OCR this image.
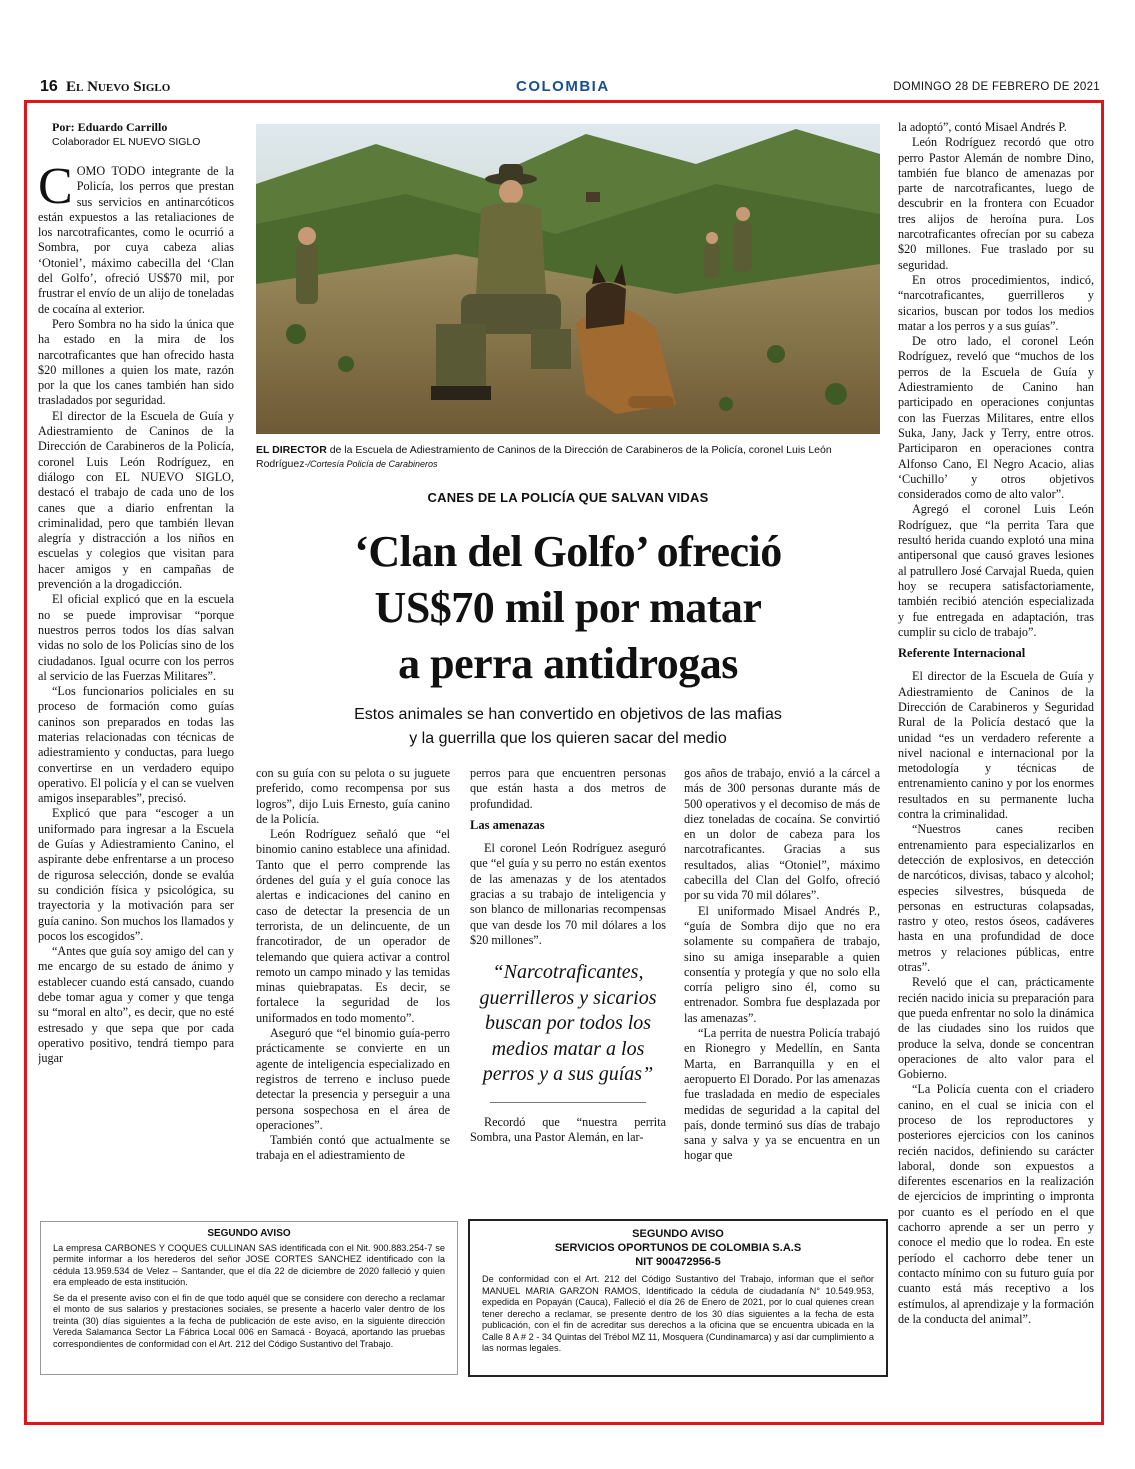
16 El Nuevo Siglo	COLOMBIA	DOMINGO 28 DE FEBRERO DE 2021
Por: Eduardo Carrillo
Colaborador EL NUEVO SIGLO

COMO TODO integrante de la Policía, los perros que prestan sus servicios en antinarcóticos están expuestos a las retaliaciones de los narcotraficantes, como le ocurrió a Sombra, por cuya cabeza alias ‘Otoniel’, máximo cabecilla del ‘Clan del Golfo’, ofreció US$70 mil, por frustrar el envío de un alijo de toneladas de cocaína al exterior.

Pero Sombra no ha sido la única que ha estado en la mira de los narcotraficantes que han ofrecido hasta $20 millones a quien los mate, razón por la que los canes también han sido trasladados por seguridad.

El director de la Escuela de Guía y Adiestramiento de Caninos de la Dirección de Carabineros de la Policía, coronel Luis León Rodríguez, en diálogo con EL NUEVO SIGLO, destacó el trabajo de cada uno de los canes que a diario enfrentan la criminalidad, pero que también llevan alegría y distracción a los niños en escuelas y colegios que visitan para hacer amigos y en campañas de prevención a la drogadicción.

El oficial explicó que en la escuela no se puede improvisar “porque nuestros perros todos los días salvan vidas no solo de los Policías sino de los ciudadanos. Igual ocurre con los perros al servicio de las Fuerzas Militares”.

“Los funcionarios policiales en su proceso de formación como guías caninos son preparados en todas las materias relacionadas con técnicas de adiestramiento y conductas, para luego convertirse en un verdadero equipo operativo. El policía y el can se vuelven amigos inseparables”, precisó.

Explicó que para “escoger a un uniformado para ingresar a la Escuela de Guías y Adiestramiento Canino, el aspirante debe enfrentarse a un proceso de rigurosa selección, donde se evalúa su condición física y psicológica, su trayectoria y la motivación para ser guía canino. Son muchos los llamados y pocos los escogidos”.

“Antes que guía soy amigo del can y me encargo de su estado de ánimo y establecer cuando está cansado, cuando debe tomar agua y comer y que tenga su “moral en alto”, es decir, que no esté estresado y que sepa que por cada operativo positivo, tendrá tiempo para jugar

EL DIRECTOR de la Escuela de Adiestramiento de Caninos de la Dirección de Carabineros de la Policía, coronel Luis León Rodríguez-/Cortesía Policía de Carabineros
CANES DE LA POLICÍA QUE SALVAN VIDAS
‘Clan del Golfo’ ofreció
US$70 mil por matar
a perra antidrogas
Estos animales se han convertido en objetivos de las mafias
y la guerrilla que los quieren sacar del medio

con su guía con su pelota o su juguete preferido, como recompensa por sus logros”, dijo Luis Ernesto, guía canino de la Policía.

León Rodríguez señaló que “el binomio canino establece una afinidad. Tanto que el perro comprende las órdenes del guía y el guía conoce las alertas e indicaciones del canino en caso de detectar la presencia de un terrorista, de un delincuente, de un francotirador, de un operador de telemando que quiera activar a control remoto un campo minado y las temidas minas quiebrapatas. Es decir, se fortalece la seguridad de los uniformados en todo momento”.

Aseguró que “el binomio guía-perro prácticamente se convierte en un agente de inteligencia especializado en registros de terreno e incluso puede detectar la presencia y perseguir a una persona sospechosa en el área de operaciones”.

También contó que actualmente se trabaja en el adiestramiento de

perros para que encuentren personas que están hasta a dos metros de profundidad.

Las amenazas

El coronel León Rodríguez aseguró que “el guía y su perro no están exentos de las amenazas y de los atentados gracias a su trabajo de inteligencia y son blanco de millonarias recompensas que van desde los 70 mil dólares a los $20 millones”.

“Narcotraficantes, guerrilleros y sicarios buscan por todos los medios matar a los perros y a sus guías”

Recordó que “nuestra perrita Sombra, una Pastor Alemán, en lar-

gos años de trabajo, envió a la cárcel a más de 300 personas durante más de 500 operativos y el decomiso de más de diez toneladas de cocaína. Se convirtió en un dolor de cabeza para los narcotraficantes. Gracias a sus resultados, alias “Otoniel”, máximo cabecilla del Clan del Golfo, ofreció por su vida 70 mil dólares”.

El uniformado Misael Andrés P., “guía de Sombra dijo que no era solamente su compañera de trabajo, sino su amiga inseparable a quien consentía y protegía y que no solo ella corría peligro sino él, como su entrenador. Sombra fue desplazada por las amenazas”.

“La perrita de nuestra Policía trabajó en Rionegro y Medellín, en Santa Marta, en Barranquilla y en el aeropuerto El Dorado. Por las amenazas fue trasladada en medio de especiales medidas de seguridad a la capital del país, donde terminó sus días de trabajo sana y salva y ya se encuentra en un hogar que

la adoptó”, contó Misael Andrés P.

León Rodríguez recordó que otro perro Pastor Alemán de nombre Dino, también fue blanco de amenazas por parte de narcotraficantes, luego de descubrir en la frontera con Ecuador tres alijos de heroína pura. Los narcotraficantes ofrecían por su cabeza $20 millones. Fue traslado por su seguridad.

En otros procedimientos, indicó, “narcotraficantes, guerrilleros y sicarios, buscan por todos los medios matar a los perros y a sus guías”.

De otro lado, el coronel León Rodríguez, reveló que “muchos de los perros de la Escuela de Guía y Adiestramiento de Canino han participado en operaciones conjuntas con las Fuerzas Militares, entre ellos Suka, Jany, Jack y Terry, entre otros. Participaron en operaciones contra Alfonso Cano, El Negro Acacio, alias ‘Cuchillo’ y otros objetivos considerados como de alto valor”.

Agregó el coronel Luis León Rodríguez, que “la perrita Tara que resultó herida cuando explotó una mina antipersonal que causó graves lesiones al patrullero José Carvajal Rueda, quien hoy se recupera satisfactoriamente, también recibió atención especializada y fue entregada en adaptación, tras cumplir su ciclo de trabajo”.

Referente Internacional

El director de la Escuela de Guía y Adiestramiento de Caninos de la Dirección de Carabineros y Seguridad Rural de la Policía destacó que la unidad “es un verdadero referente a nivel nacional e internacional por la metodología y técnicas de entrenamiento canino y por los enormes resultados en su permanente lucha contra la criminalidad.

“Nuestros canes reciben entrenamiento para especializarlos en detección de explosivos, en detección de narcóticos, divisas, tabaco y alcohol; especies silvestres, búsqueda de personas en estructuras colapsadas, rastro y oteo, restos óseos, cadáveres hasta en una profundidad de doce metros y relaciones públicas, entre otras”.

Reveló que el can, prácticamente recién nacido inicia su preparación para que pueda enfrentar no solo la dinámica de las ciudades sino los ruidos que produce la selva, donde se concentran operaciones de alto valor para el Gobierno.

“La Policía cuenta con el criadero canino, en el cual se inicia con el proceso de los reproductores y posteriores ejercicios con los caninos recién nacidos, definiendo su carácter laboral, donde son expuestos a diferentes escenarios en la realización de ejercicios de imprinting o impronta por cuanto es el período en el que cachorro aprende a ser un perro y conoce el medio que lo rodea. En este período el cachorro debe tener un contacto mínimo con su futuro guía por cuanto está más receptivo a los estímulos, al aprendizaje y la formación de la conducta del animal”.

SEGUNDO AVISO

La empresa CARBONES Y COQUES CULLINAN SAS identificada con el Nit. 900.883.254-7 se permite informar a los herederos del señor JOSE CORTES SANCHEZ identificado con la cédula 13.959.534 de Velez – Santander, que el día 22 de diciembre de 2020 falleció y quien era empleado de esta institución.

Se da el presente aviso con el fin de que todo aquél que se considere con derecho a reclamar el monto de sus salarios y prestaciones sociales, se presente a hacerlo valer dentro de los treinta (30) días siguientes a la fecha de publicación de este aviso, en la siguiente dirección Vereda Salamanca Sector La Fábrica Local 006 en Samacá - Boyacá, aportando las pruebas correspondientes de conformidad con el Art. 212 del Código Sustantivo del Trabajo.

SEGUNDO AVISO
SERVICIOS OPORTUNOS DE COLOMBIA S.A.S
NIT 900472956-5

De conformidad con el Art. 212 del Código Sustantivo del Trabajo, informan que el señor MANUEL MARIA GARZON RAMOS, Identificado la cédula de ciudadanía N° 10.549.953, expedida en Popayán (Cauca), Falleció el día 26 de Enero de 2021, por lo cual quienes crean tener derecho a reclamar, se presente dentro de los 30 días siguientes a la fecha de esta publicación, con el fin de acreditar sus derechos a la oficina que se encuentra ubicada en la Calle 8 A # 2 - 34 Quintas del Trébol MZ 11, Mosquera (Cundinamarca) y así dar cumplimiento a las normas legales.
